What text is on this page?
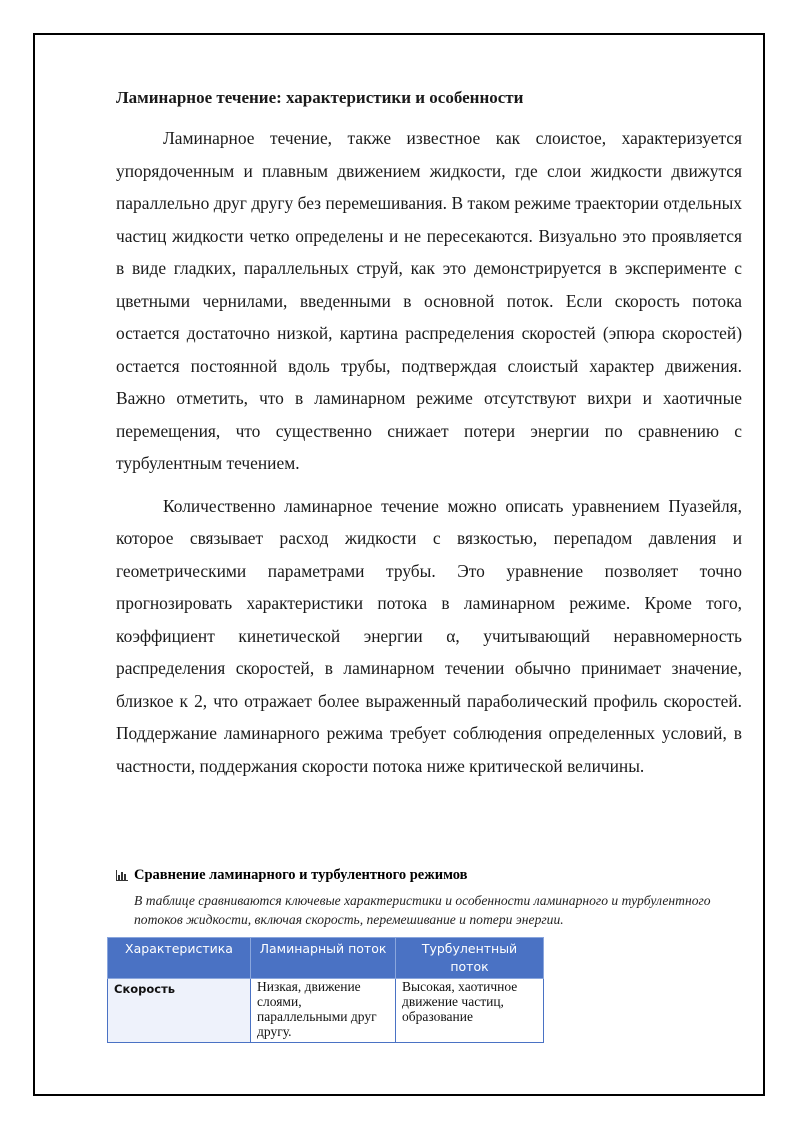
Ламинарное течение: характеристики и особенности

Ламинарное течение, также известное как слоистое, характеризуется упорядоченным и плавным движением жидкости, где слои жидкости движутся параллельно друг другу без перемешивания. В таком режиме траектории отдельных частиц жидкости четко определены и не пересекаются. Визуально это проявляется в виде гладких, параллельных струй, как это демонстрируется в эксперименте с цветными чернилами, введенными в основной поток. Если скорость потока остается достаточно низкой, картина распределения скоростей (эпюра скоростей) остается постоянной вдоль трубы, подтверждая слоистый характер движения. Важно отметить, что в ламинарном режиме отсутствуют вихри и хаотичные перемещения, что существенно снижает потери энергии по сравнению с турбулентным течением.

Количественно ламинарное течение можно описать уравнением Пуазейля, которое связывает расход жидкости с вязкостью, перепадом давления и геометрическими параметрами трубы. Это уравнение позволяет точно прогнозировать характеристики потока в ламинарном режиме. Кроме того, коэффициент кинетической энергии α, учитывающий неравномерность распределения скоростей, в ламинарном течении обычно принимает значение, близкое к 2, что отражает более выраженный параболический профиль скоростей. Поддержание ламинарного режима требует соблюдения определенных условий, в частности, поддержания скорости потока ниже критической величины.

Сравнение ламинарного и турбулентного режимов
В таблице сравниваются ключевые характеристики и особенности ламинарного и турбулентного потоков жидкости, включая скорость, перемешивание и потери энергии.
Характеристика	Ламинарный поток	Турбулентный поток
Скорость	Низкая, движение слоями, параллельными друг другу.	Высокая, хаотичное движение частиц, образование
